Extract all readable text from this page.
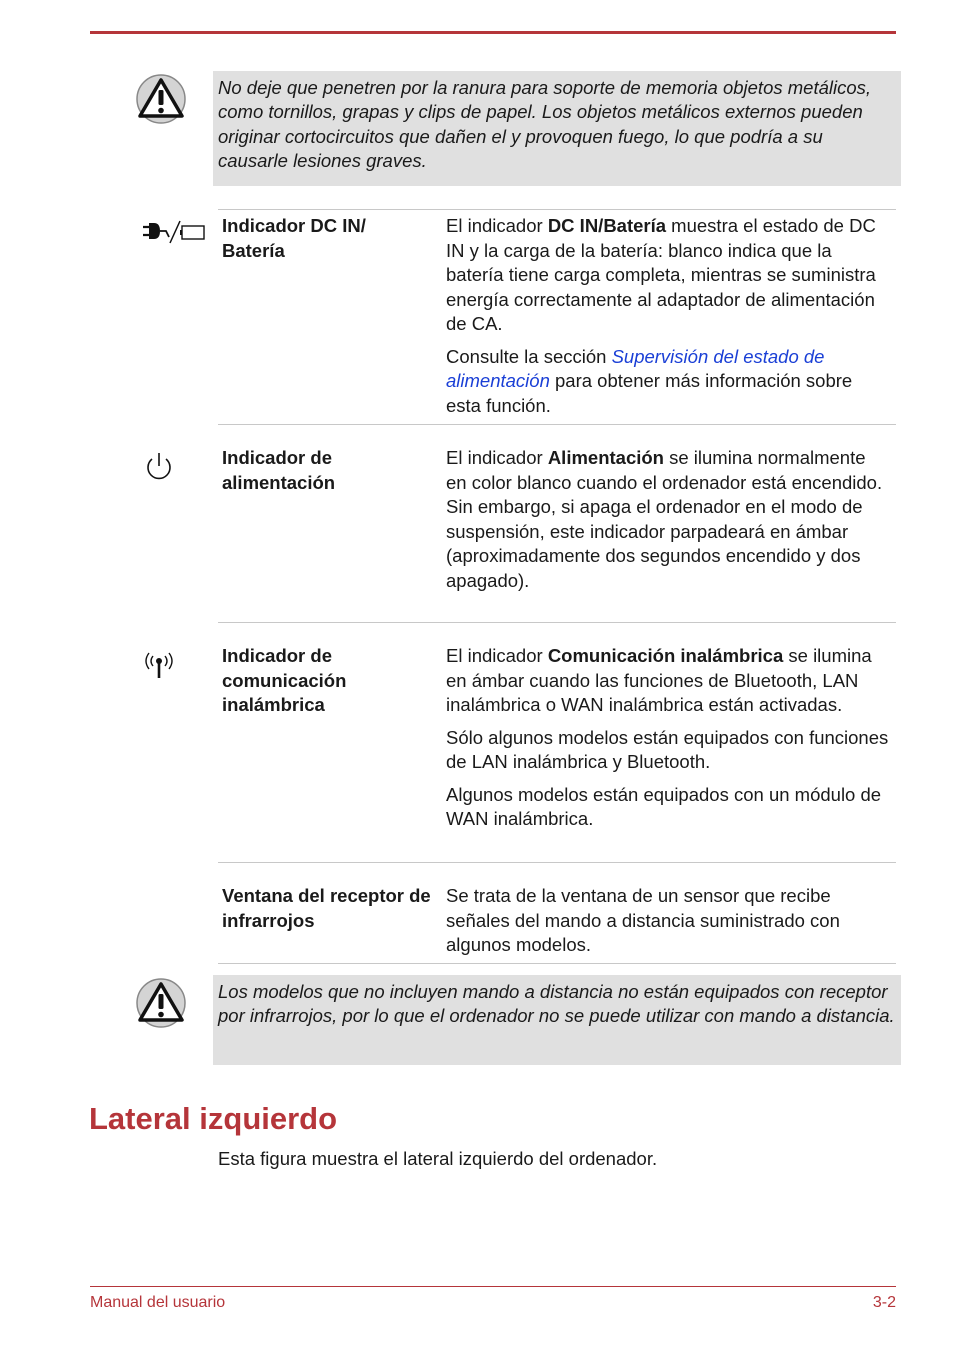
No deje que penetren por la ranura para soporte de memoria objetos metálicos, como tornillos, grapas y clips de papel. Los objetos metálicos externos pueden originar cortocircuitos que dañen el y provoquen fuego, lo que podría a su causarle lesiones graves.
Indicador DC IN/ Batería

El indicador DC IN/Batería muestra el estado de DC IN y la carga de la batería: blanco indica que la batería tiene carga completa, mientras se suministra energía correctamente al adaptador de alimentación de CA.

Consulte la sección Supervisión del estado de alimentación para obtener más información sobre esta función.

Indicador de alimentación

El indicador Alimentación se ilumina normalmente en color blanco cuando el ordenador está encendido. Sin embargo, si apaga el ordenador en el modo de suspensión, este indicador parpadeará en ámbar (aproximadamente dos segundos encendido y dos apagado).

Indicador de comunicación inalámbrica

El indicador Comunicación inalámbrica se ilumina en ámbar cuando las funciones de Bluetooth, LAN inalámbrica o WAN inalámbrica están activadas.

Sólo algunos modelos están equipados con funciones de LAN inalámbrica y Bluetooth.

Algunos modelos están equipados con un módulo de WAN inalámbrica.

Ventana del receptor de infrarrojos

Se trata de la ventana de un sensor que recibe señales del mando a distancia suministrado con algunos modelos.

Los modelos que no incluyen mando a distancia no están equipados con receptor por infrarrojos, por lo que el ordenador no se puede utilizar con mando a distancia.
Lateral izquierdo
Esta figura muestra el lateral izquierdo del ordenador.
Manual del usuario	3-2
